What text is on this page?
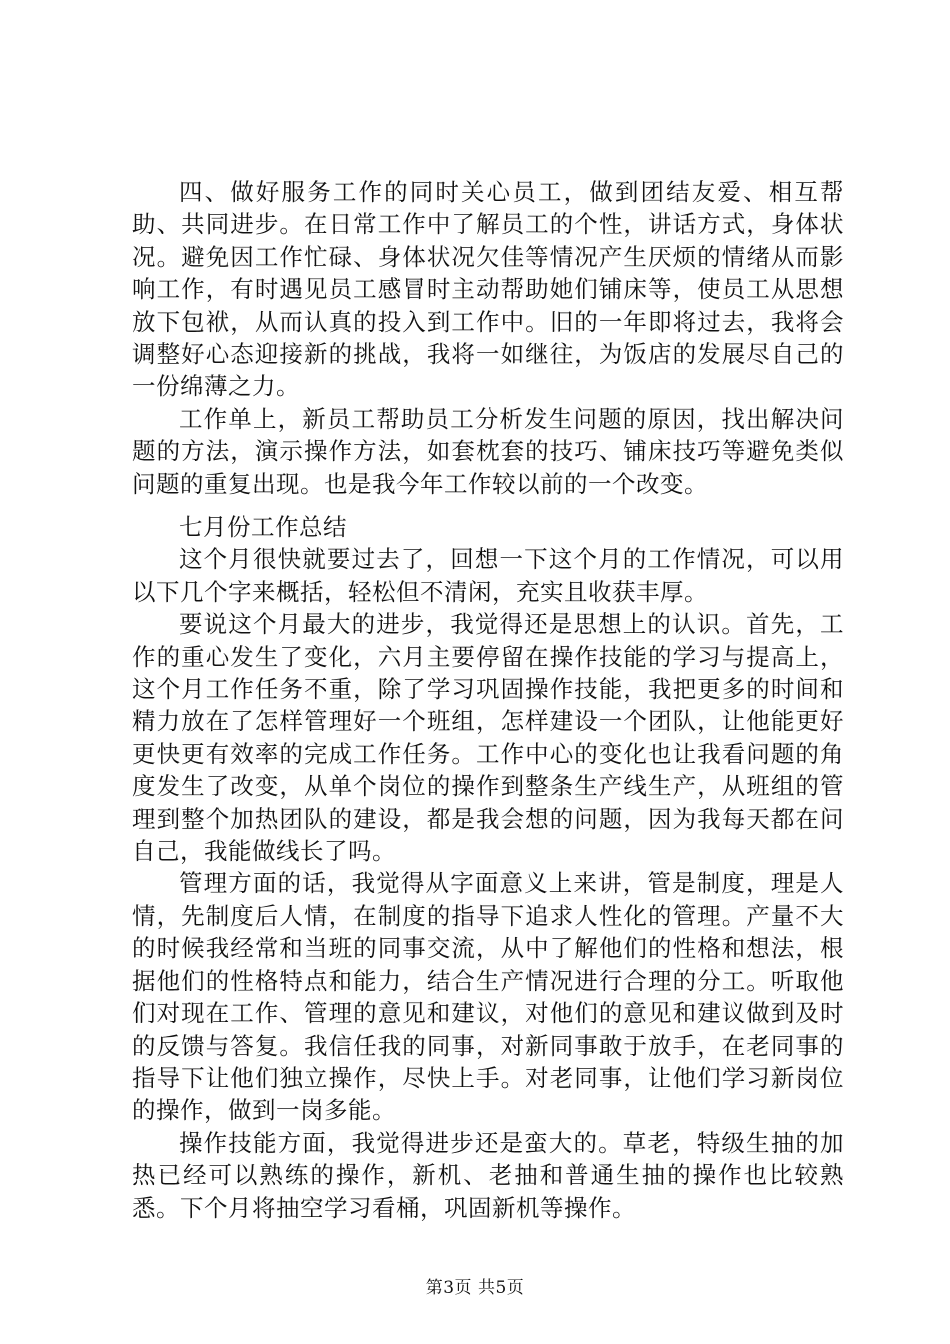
四、做好服务工作的同时关心员工，做到团结友爱、相互帮助、共同进步。在日常工作中了解员工的个性，讲话方式，身体状况。避免因工作忙碌、身体状况欠佳等情况产生厌烦的情绪从而影响工作，有时遇见员工感冒时主动帮助她们铺床等，使员工从思想放下包袱，从而认真的投入到工作中。旧的一年即将过去，我将会调整好心态迎接新的挑战，我将一如继往，为饭店的发展尽自己的一份绵薄之力。

工作单上，新员工帮助员工分析发生问题的原因，找出解决问题的方法，演示操作方法，如套枕套的技巧、铺床技巧等避免类似问题的重复出现。也是我今年工作较以前的一个改变。

七月份工作总结

这个月很快就要过去了，回想一下这个月的工作情况，可以用以下几个字来概括，轻松但不清闲，充实且收获丰厚。

要说这个月最大的进步，我觉得还是思想上的认识。首先，工作的重心发生了变化，六月主要停留在操作技能的学习与提高上，这个月工作任务不重，除了学习巩固操作技能，我把更多的时间和精力放在了怎样管理好一个班组，怎样建设一个团队，让他能更好更快更有效率的完成工作任务。工作中心的变化也让我看问题的角度发生了改变，从单个岗位的操作到整条生产线生产，从班组的管理到整个加热团队的建设，都是我会想的问题，因为我每天都在问自己，我能做线长了吗。

管理方面的话，我觉得从字面意义上来讲，管是制度，理是人情，先制度后人情，在制度的指导下追求人性化的管理。产量不大的时候我经常和当班的同事交流，从中了解他们的性格和想法，根据他们的性格特点和能力，结合生产情况进行合理的分工。听取他们对现在工作、管理的意见和建议，对他们的意见和建议做到及时的反馈与答复。我信任我的同事，对新同事敢于放手，在老同事的指导下让他们独立操作，尽快上手。对老同事，让他们学习新岗位的操作，做到一岗多能。

操作技能方面，我觉得进步还是蛮大的。草老，特级生抽的加热已经可以熟练的操作，新机、老抽和普通生抽的操作也比较熟悉。下个月将抽空学习看桶，巩固新机等操作。

第3页 共5页
